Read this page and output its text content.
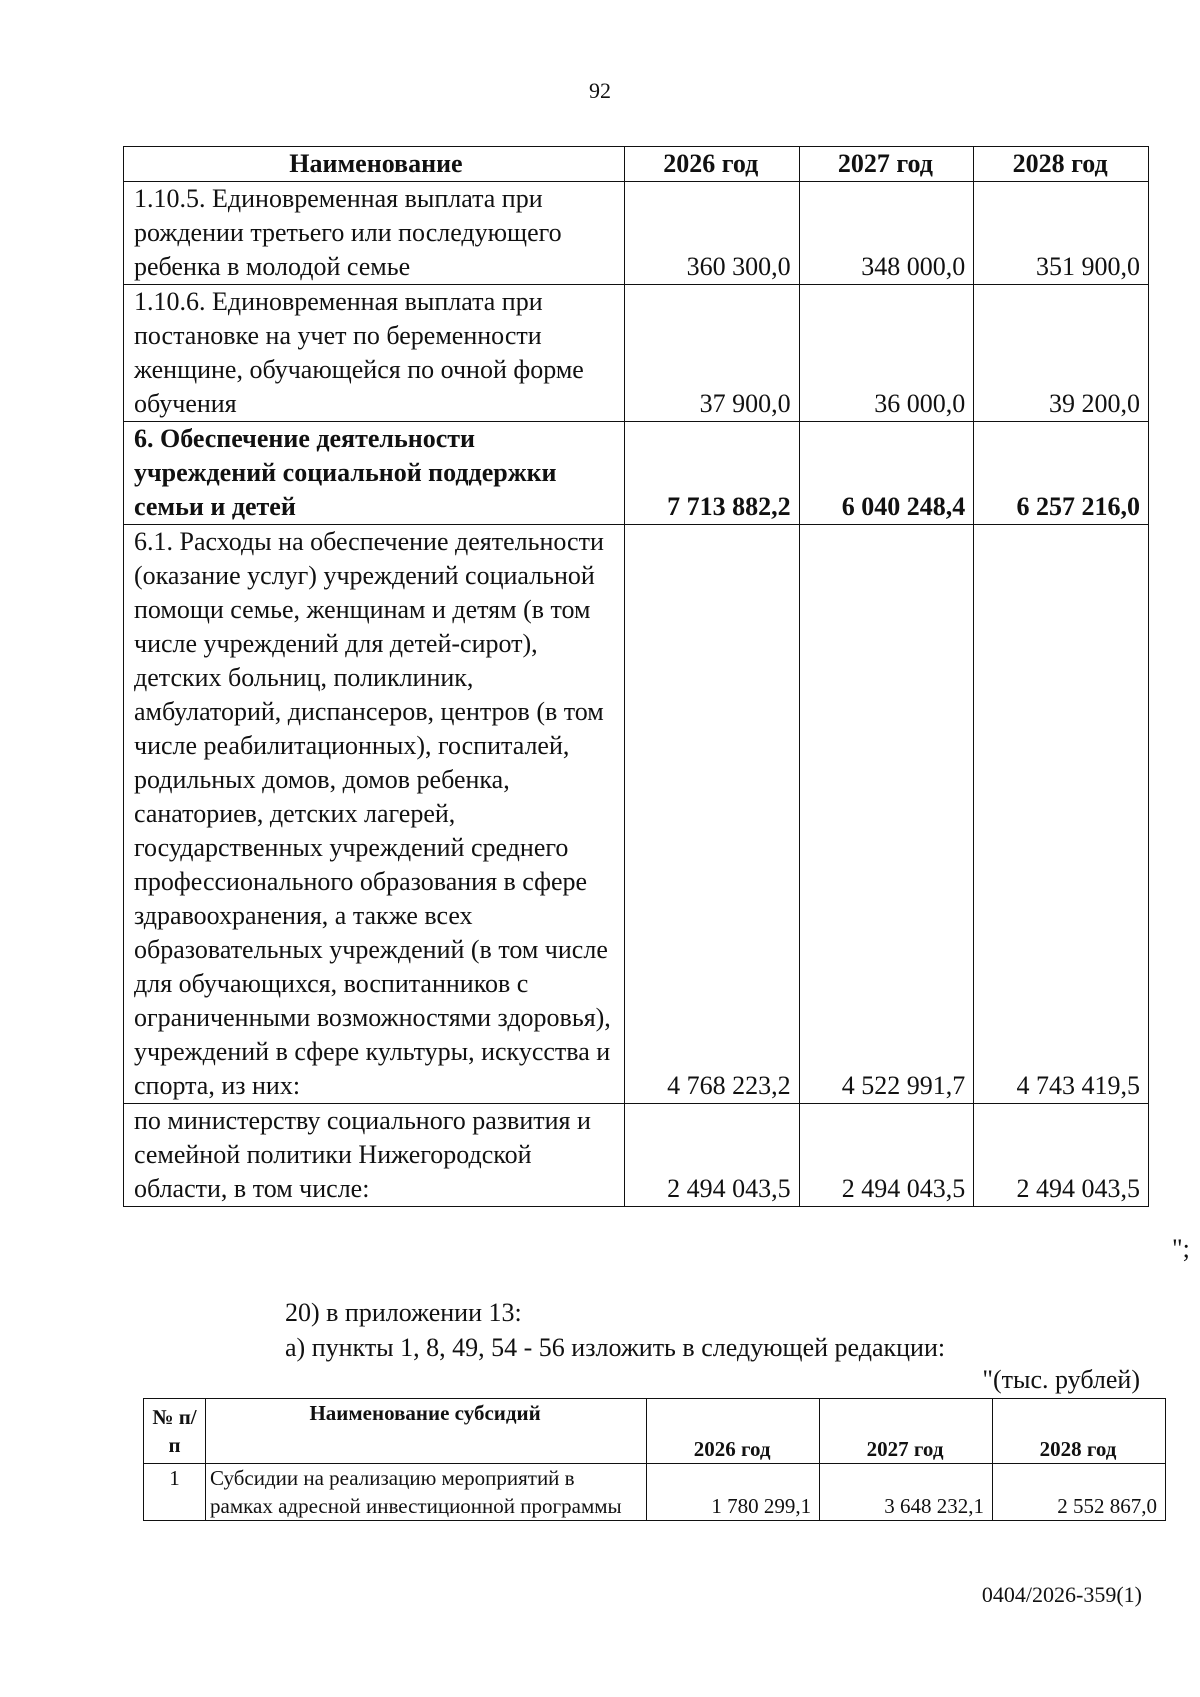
92
Наименование	2026 год	2027 год	2028 год
1.10.5. Единовременная выплата при рождении третьего или последующего ребенка в молодой семье	360 300,0	348 000,0	351 900,0
1.10.6. Единовременная выплата при постановке на учет по беременности женщине, обучающейся по очной форме обучения	37 900,0	36 000,0	39 200,0
6. Обеспечение деятельности учреждений социальной поддержки семьи и детей	7 713 882,2	6 040 248,4	6 257 216,0
6.1. Расходы на обеспечение деятельности (оказание услуг) учреждений социальной помощи семье, женщинам и детям (в том числе учреждений для детей-сирот), детских больниц, поликлиник, амбулаторий, диспансеров, центров (в том числе реабилитационных), госпиталей, родильных домов, домов ребенка, санаториев, детских лагерей, государственных учреждений среднего профессионального образования в сфере здравоохранения, а также всех образовательных учреждений (в том числе для обучающихся, воспитанников с ограниченными возможностями здоровья), учреждений в сфере культуры, искусства и спорта, из них:	4 768 223,2	4 522 991,7	4 743 419,5
по министерству социального развития и семейной политики Нижегородской области, в том числе:	2 494 043,5	2 494 043,5	2 494 043,5
";
20) в приложении 13:
а) пункты 1, 8, 49, 54 - 56 изложить в следующей редакции:
"(тыс. рублей)
№ п/п	Наименование субсидий	2026 год	2027 год	2028 год
1	Субсидии на реализацию мероприятий в рамках адресной инвестиционной программы	1 780 299,1	3 648 232,1	2 552 867,0
0404/2026-359(1)
